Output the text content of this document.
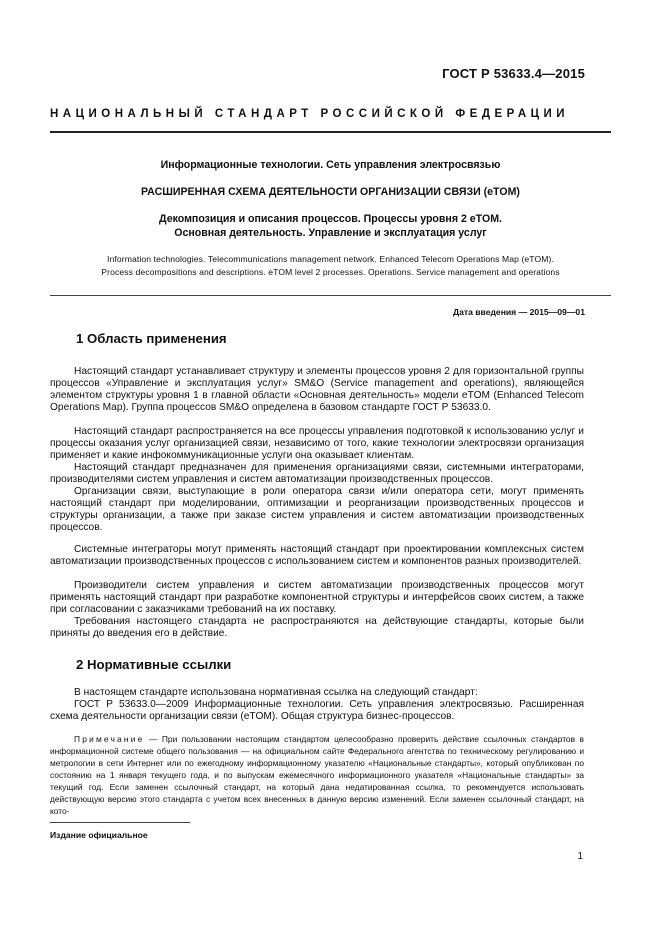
ГОСТ Р 53633.4—2015
НАЦИОНАЛЬНЫЙ СТАНДАРТ РОССИЙСКОЙ ФЕДЕРАЦИИ
Информационные технологии. Сеть управления электросвязью
РАСШИРЕННАЯ СХЕМА ДЕЯТЕЛЬНОСТИ ОРГАНИЗАЦИИ СВЯЗИ (eTOM)
Декомпозиция и описания процессов. Процессы уровня 2 eTOM.
Основная деятельность. Управление и эксплуатация услуг
Information technologies. Telecommunications management network. Enhanced Telecom Operations Map (eTOM).
Process decompositions and descriptions. eTOM level 2 processes. Operations. Service management and operations
Дата введения — 2015—09—01
1 Область применения
Настоящий стандарт устанавливает структуру и элементы процессов уровня 2 для горизонтальной группы процессов «Управление и эксплуатация услуг» SM&O (Service management and operations), являющейся элементом структуры уровня 1 в главной области «Основная деятельность» модели eTOM (Enhanced Telecom Operations Map). Группа процессов SM&O определена в базовом стандарте ГОСТ Р 53633.0.
Настоящий стандарт распространяется на все процессы управления подготовкой к использованию услуг и процессы оказания услуг организацией связи, независимо от того, какие технологии электросвязи организация применяет и какие инфокоммуникационные услуги она оказывает клиентам.
Настоящий стандарт предназначен для применения организациями связи, системными интеграторами, производителями систем управления и систем автоматизации производственных процессов.
Организации связи, выступающие в роли оператора связи и/или оператора сети, могут применять настоящий стандарт при моделировании, оптимизации и реорганизации производственных процессов и структуры организации, а также при заказе систем управления и систем автоматизации производственных процессов.
Системные интеграторы могут применять настоящий стандарт при проектировании комплексных систем автоматизации производственных процессов с использованием систем и компонентов разных производителей.
Производители систем управления и систем автоматизации производственных процессов могут применять настоящий стандарт при разработке компонентной структуры и интерфейсов своих систем, а также при согласовании с заказчиками требований на их поставку.
Требования настоящего стандарта не распространяются на действующие стандарты, которые были приняты до введения его в действие.
2 Нормативные ссылки
В настоящем стандарте использована нормативная ссылка на следующий стандарт:
ГОСТ Р 53633.0—2009 Информационные технологии. Сеть управления электросвязью. Расширенная схема деятельности организации связи (eTOM). Общая структура бизнес-процессов.
Примечание — При пользовании настоящим стандартом целесообразно проверить действие ссылочных стандартов в информационной системе общего пользования — на официальном сайте Федерального агентства по техническому регулированию и метрологии в сети Интернет или по ежегодному информационному указателю «Национальные стандарты», который опубликован по состоянию на 1 января текущего года, и по выпускам ежемесячного информационного указателя «Национальные стандарты» за текущий год. Если заменен ссылочный стандарт, на который дана недатированная ссылка, то рекомендуется использовать действующую версию этого стандарта с учетом всех внесенных в данную версию изменений. Если заменен ссылочный стандарт, на кото-
Издание официальное
1
